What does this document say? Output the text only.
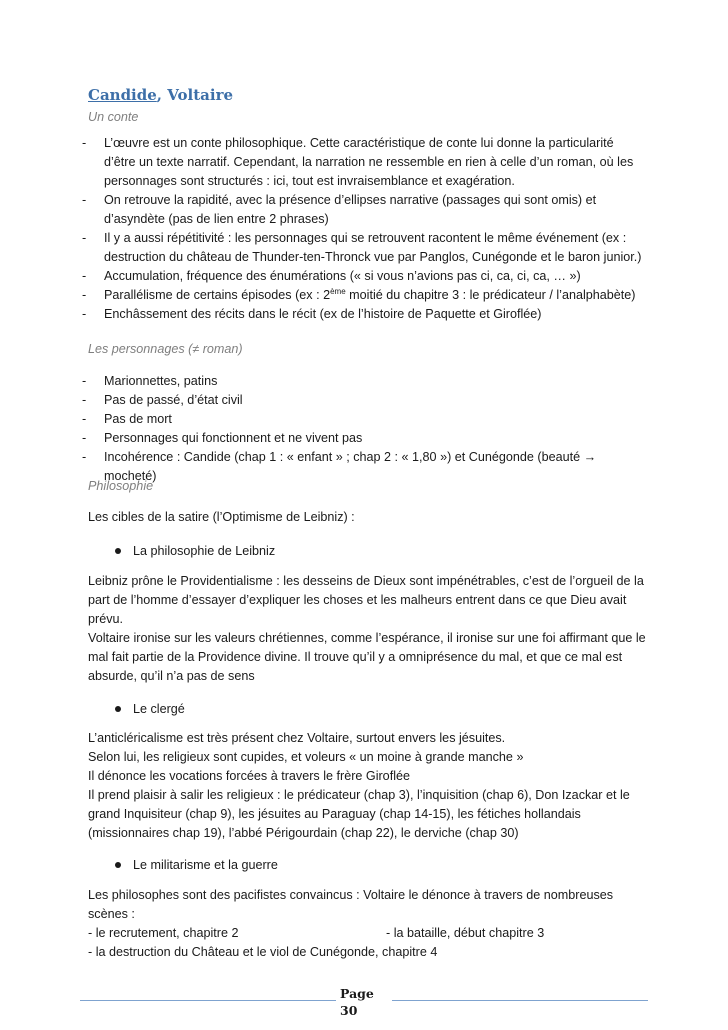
Candide, Voltaire
Un conte
- L’œuvre est un conte philosophique. Cette caractéristique de conte lui donne la particularité
d’être un texte narratif. Cependant, la narration ne ressemble en rien à celle d’un roman, où les
personnages sont structurés : ici, tout est invraisemblance et exagération.
- On retrouve la rapidité, avec la présence d’ellipses narrative (passages qui sont omis) et
d’asyndète (pas de lien entre 2 phrases)
- Il y a aussi répétitivité : les personnages qui se retrouvent racontent le même événement (ex :
destruction du château de Thunder-ten-Thronck vue par Panglos, Cunégonde et le baron junior.)
- Accumulation, fréquence des énumérations (« si vous n’avions pas ci, ca, ci, ca, … »)
- Parallélisme de certains épisodes (ex : 2ème moitié du chapitre 3 : le prédicateur / l’analphabète)
- Enchâssement des récits dans le récit (ex de l’histoire de Paquette et Giroflée)
Les personnages (≠ roman)
- Marionnettes, patins
- Pas de passé, d’état civil
- Pas de mort
- Personnages qui fonctionnent et ne vivent pas
- Incohérence : Candide (chap 1 : « enfant » ; chap 2 : « 1,80 ») et Cunégonde (beauté → mocheté)
Philosophie
Les cibles de la satire (l’Optimisme de Leibniz) :
La philosophie de Leibniz
Leibniz prône le Providentialisme : les desseins de Dieux sont impénétrables, c’est de l’orgueil de la
part de l’homme d’essayer d’expliquer les choses et les malheurs entrent dans ce que Dieu avait
prévu.
Voltaire ironise sur les valeurs chrétiennes, comme l’espérance, il ironise sur une foi affirmant que le
mal fait partie de la Providence divine. Il trouve qu’il y a omniprésence du mal, et que ce mal est
absurde, qu’il n’a pas de sens
Le clergé
L’anticléricalisme est très présent chez Voltaire, surtout envers les jésuites.
Selon lui, les religieux sont cupides, et voleurs « un moine à grande manche »
Il dénonce les vocations forcées à travers le frère Giroflée
Il prend plaisir à salir les religieux : le prédicateur (chap 3), l’inquisition (chap 6), Don Izackar et le
grand Inquisiteur (chap 9), les jésuites au Paraguay (chap 14-15), les fétiches hollandais
(missionnaires chap 19), l’abbé Périgourdain (chap 22), le derviche (chap 30)
Le militarisme et la guerre
Les philosophes sont des pacifistes convaincus : Voltaire le dénonce à travers de nombreuses scènes :
- le recrutement, chapitre 2	- la bataille, début chapitre 3
- la destruction du Château et le viol de Cunégonde, chapitre 4
Page
30
